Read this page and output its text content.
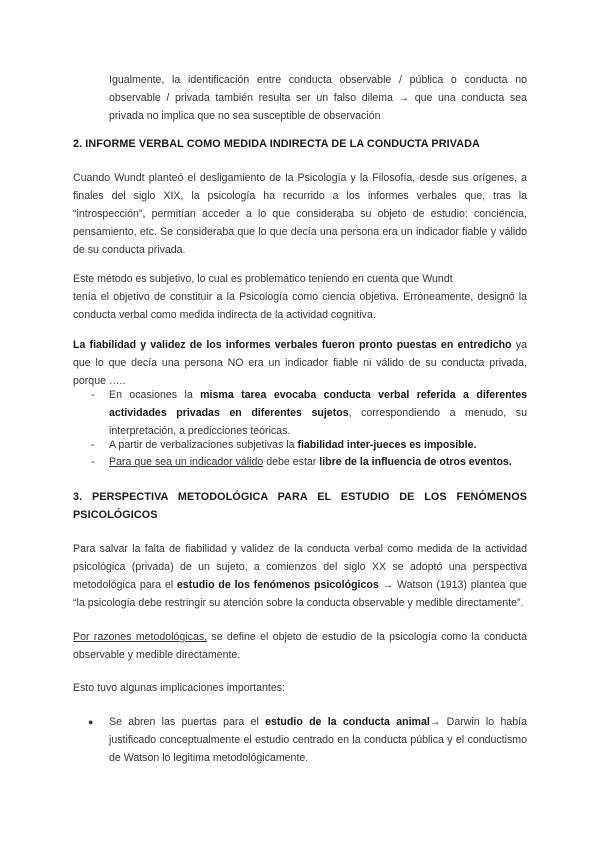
Igualmente, la identificación entre conducta observable / pública o conducta no observable / privada también resulta ser un falso dilema → que una conducta sea privada no implica que no sea susceptible de observación

2. INFORME VERBAL COMO MEDIDA INDIRECTA DE LA CONDUCTA PRIVADA

Cuando Wundt planteó el desligamiento de la Psicología y la Filosofía, desde sus orígenes, a finales del siglo XIX, la psicología ha recurrido a los informes verbales que, tras la “introspección”, permitían acceder a lo que consideraba su objeto de estudio: conciencia, pensamiento, etc. Se consideraba que lo que decía una persona era un indicador fiable y válido de su conducta privada.

Este método es subjetivo, lo cual es problemático teniendo en cuenta que Wundt
tenía el objetivo de constituir a la Psicología como ciencia objetiva. Erróneamente, designó la conducta verbal como medida indirecta de la actividad cognitiva.

La fiabilidad y validez de los informes verbales fueron pronto puestas en entredicho ya que lo que decía una persona NO era un indicador fiable ni válido de su conducta privada, porque …..

-	En ocasiones la misma tarea evocaba conducta verbal referida a diferentes actividades privadas en diferentes sujetos, correspondiendo a menudo, su interpretación, a predicciones teóricas.
-	A partir de verbalizaciones subjetivas la fiabilidad inter-jueces es imposible.
-	Para que sea un indicador válido debe estar libre de la influencia de otros eventos.
3. PERSPECTIVA METODOLÓGICA PARA EL ESTUDIO DE LOS FENÓMENOS PSICOLÓGICOS

Para salvar la falta de fiabilidad y validez de la conducta verbal como medida de la actividad psicológica (privada) de un sujeto, a comienzos del siglo XX se adoptó una perspectiva metodológica para el estudio de los fenómenos psicológicos → Watson (1913) plantea que “la psicología debe restringir su atención sobre la conducta observable y medible directamente”.

Por razones metodológicas, se define el objeto de estudio de la psicología como la conducta observable y medible directamente.

Esto tuvo algunas implicaciones importantes:

●	Se abren las puertas para el estudio de la conducta animal→ Darwin lo había justificado conceptualmente el estudio centrado en la conducta pública y el conductismo de Watson lo legitima metodológicamente.
